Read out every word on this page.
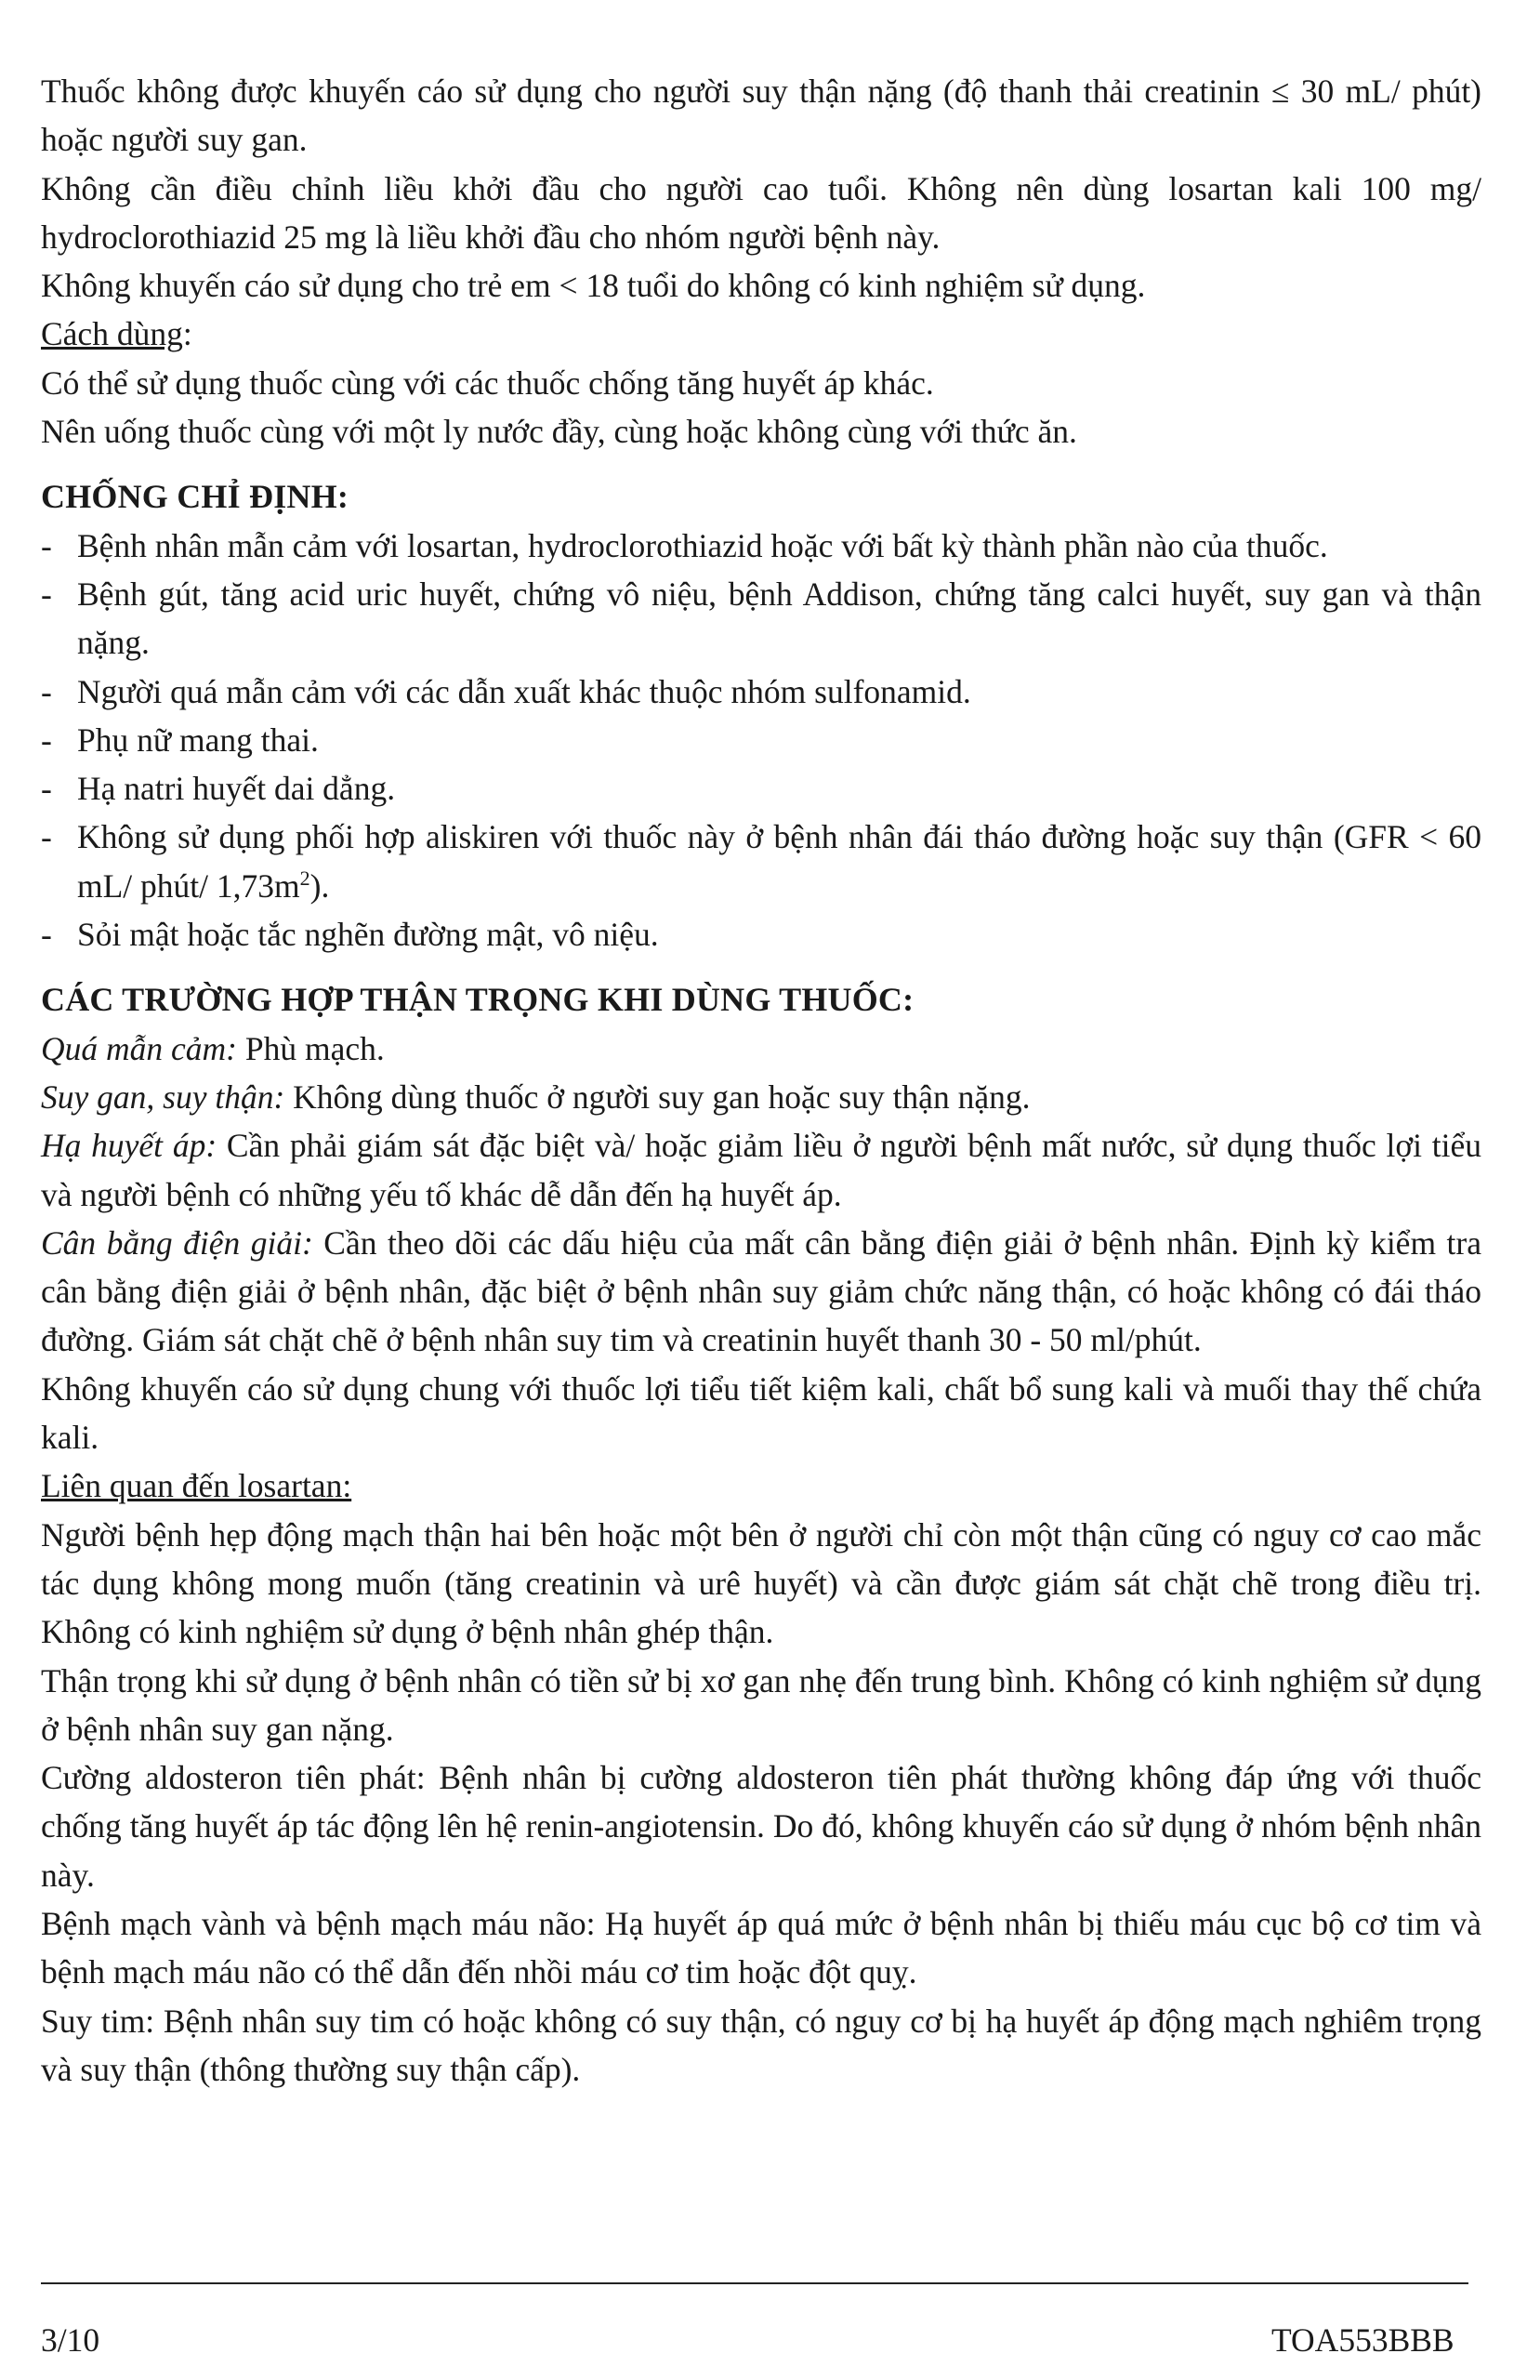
Thuốc không được khuyến cáo sử dụng cho người suy thận nặng (độ thanh thải creatinin ≤ 30 mL/ phút) hoặc người suy gan.

Không cần điều chỉnh liều khởi đầu cho người cao tuổi. Không nên dùng losartan kali 100 mg/ hydroclorothiazid 25 mg là liều khởi đầu cho nhóm người bệnh này.

Không khuyến cáo sử dụng cho trẻ em < 18 tuổi do không có kinh nghiệm sử dụng.

Cách dùng:

Có thể sử dụng thuốc cùng với các thuốc chống tăng huyết áp khác.

Nên uống thuốc cùng với một ly nước đầy, cùng hoặc không cùng với thức ăn.

CHỐNG CHỈ ĐỊNH:

- Bệnh nhân mẫn cảm với losartan, hydroclorothiazid hoặc với bất kỳ thành phần nào của thuốc.

- Bệnh gút, tăng acid uric huyết, chứng vô niệu, bệnh Addison, chứng tăng calci huyết, suy gan và thận nặng.

- Người quá mẫn cảm với các dẫn xuất khác thuộc nhóm sulfonamid.

- Phụ nữ mang thai.

- Hạ natri huyết dai dẳng.

- Không sử dụng phối hợp aliskiren với thuốc này ở bệnh nhân đái tháo đường hoặc suy thận (GFR < 60 mL/ phút/ $1,73m^2$).

- Sỏi mật hoặc tắc nghẽn đường mật, vô niệu.

CÁC TRƯỜNG HỢP THẬN TRỌNG KHI DÙNG THUỐC:

Quá mẫn cảm: Phù mạch.

Suy gan, suy thận: Không dùng thuốc ở người suy gan hoặc suy thận nặng.

Hạ huyết áp: Cần phải giám sát đặc biệt và/ hoặc giảm liều ở người bệnh mất nước, sử dụng thuốc lợi tiểu và người bệnh có những yếu tố khác dễ dẫn đến hạ huyết áp.

Cân bằng điện giải: Cần theo dõi các dấu hiệu của mất cân bằng điện giải ở bệnh nhân. Định kỳ kiểm tra cân bằng điện giải ở bệnh nhân, đặc biệt ở bệnh nhân suy giảm chức năng thận, có hoặc không có đái tháo đường. Giám sát chặt chẽ ở bệnh nhân suy tim và creatinin huyết thanh 30 - 50 ml/phút.

Không khuyến cáo sử dụng chung với thuốc lợi tiểu tiết kiệm kali, chất bổ sung kali và muối thay thế chứa kali.

Liên quan đến losartan:

Người bệnh hẹp động mạch thận hai bên hoặc một bên ở người chỉ còn một thận cũng có nguy cơ cao mắc tác dụng không mong muốn (tăng creatinin và urê huyết) và cần được giám sát chặt chẽ trong điều trị. Không có kinh nghiệm sử dụng ở bệnh nhân ghép thận.

Thận trọng khi sử dụng ở bệnh nhân có tiền sử bị xơ gan nhẹ đến trung bình. Không có kinh nghiệm sử dụng ở bệnh nhân suy gan nặng.

Cường aldosteron tiên phát: Bệnh nhân bị cường aldosteron tiên phát thường không đáp ứng với thuốc chống tăng huyết áp tác động lên hệ renin-angiotensin. Do đó, không khuyến cáo sử dụng ở nhóm bệnh nhân này.

Bệnh mạch vành và bệnh mạch máu não: Hạ huyết áp quá mức ở bệnh nhân bị thiếu máu cục bộ cơ tim và bệnh mạch máu não có thể dẫn đến nhồi máu cơ tim hoặc đột quỵ.

Suy tim: Bệnh nhân suy tim có hoặc không có suy thận, có nguy cơ bị hạ huyết áp động mạch nghiêm trọng và suy thận (thông thường suy thận cấp).

3/10	TOA553BBB
